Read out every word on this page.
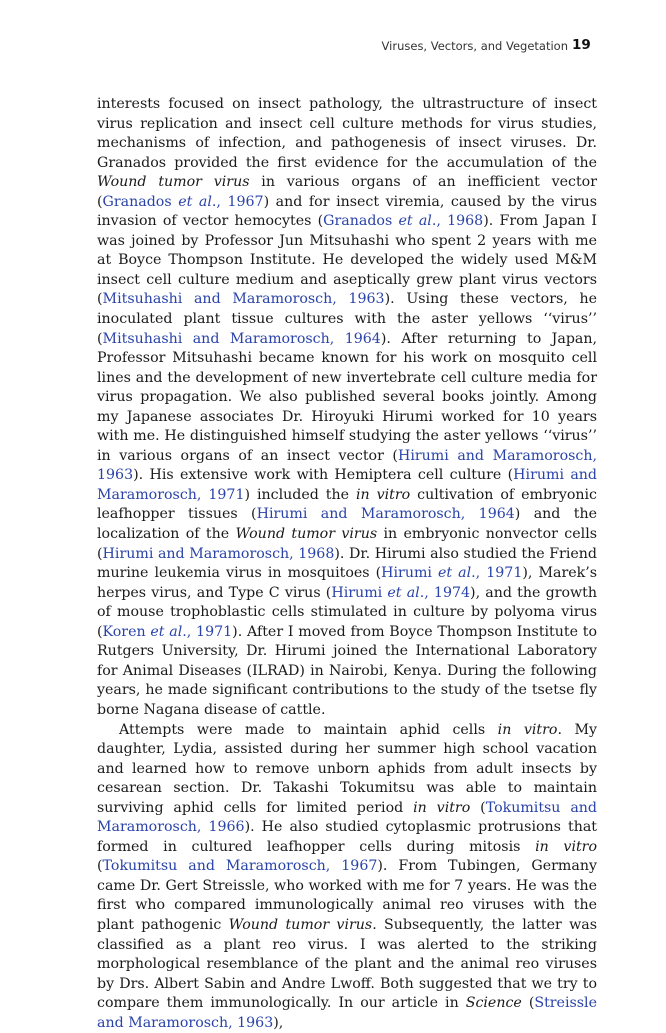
Viruses, Vectors, and Vegetation 19

interests focused on insect pathology, the ultrastructure of insect virus replication and insect cell culture methods for virus studies, mechanisms of infection, and pathogenesis of insect viruses. Dr. Granados provided the first evidence for the accumulation of the Wound tumor virus in various organs of an inefficient vector (Granados et al., 1967) and for insect viremia, caused by the virus invasion of vector hemocytes (Granados et al., 1968). From Japan I was joined by Professor Jun Mitsuhashi who spent 2 years with me at Boyce Thompson Institute. He developed the widely used M&M insect cell culture medium and aseptically grew plant virus vectors (Mitsuhashi and Maramorosch, 1963). Using these vectors, he inoculated plant tissue cultures with the aster yellows ‘‘virus’’ (Mitsuhashi and Maramorosch, 1964). After returning to Japan, Professor Mitsuhashi became known for his work on mosquito cell lines and the development of new invertebrate cell culture media for virus propagation. We also published several books jointly. Among my Japanese associates Dr. Hiroyuki Hirumi worked for 10 years with me. He distinguished himself studying the aster yellows ‘‘virus’’ in various organs of an insect vector (Hirumi and Maramorosch, 1963). His extensive work with Hemiptera cell culture (Hirumi and Maramorosch, 1971) included the in vitro cultivation of embryonic leafhopper tissues (Hirumi and Maramorosch, 1964) and the localization of the Wound tumor virus in embryonic nonvector cells (Hirumi and Maramorosch, 1968). Dr. Hirumi also studied the Friend murine leukemia virus in mosquitoes (Hirumi et al., 1971), Marek’s herpes virus, and Type C virus (Hirumi et al., 1974), and the growth of mouse trophoblastic cells stimulated in culture by polyoma virus (Koren et al., 1971). After I moved from Boyce Thompson Institute to Rutgers University, Dr. Hirumi joined the International Laboratory for Animal Diseases (ILRAD) in Nairobi, Kenya. During the following years, he made significant contributions to the study of the tsetse fly borne Nagana disease of cattle.

Attempts were made to maintain aphid cells in vitro. My daughter, Lydia, assisted during her summer high school vacation and learned how to remove unborn aphids from adult insects by cesarean section. Dr. Takashi Tokumitsu was able to maintain surviving aphid cells for limited period in vitro (Tokumitsu and Maramorosch, 1966). He also studied cytoplasmic protrusions that formed in cultured leafhopper cells during mitosis in vitro (Tokumitsu and Maramorosch, 1967). From Tubingen, Germany came Dr. Gert Streissle, who worked with me for 7 years. He was the first who compared immunologically animal reo viruses with the plant pathogenic Wound tumor virus. Subsequently, the latter was classified as a plant reo virus. I was alerted to the striking morphological resemblance of the plant and the animal reo viruses by Drs. Albert Sabin and Andre Lwoff. Both suggested that we try to compare them immunologically. In our article in Science (Streissle and Maramorosch, 1963),
